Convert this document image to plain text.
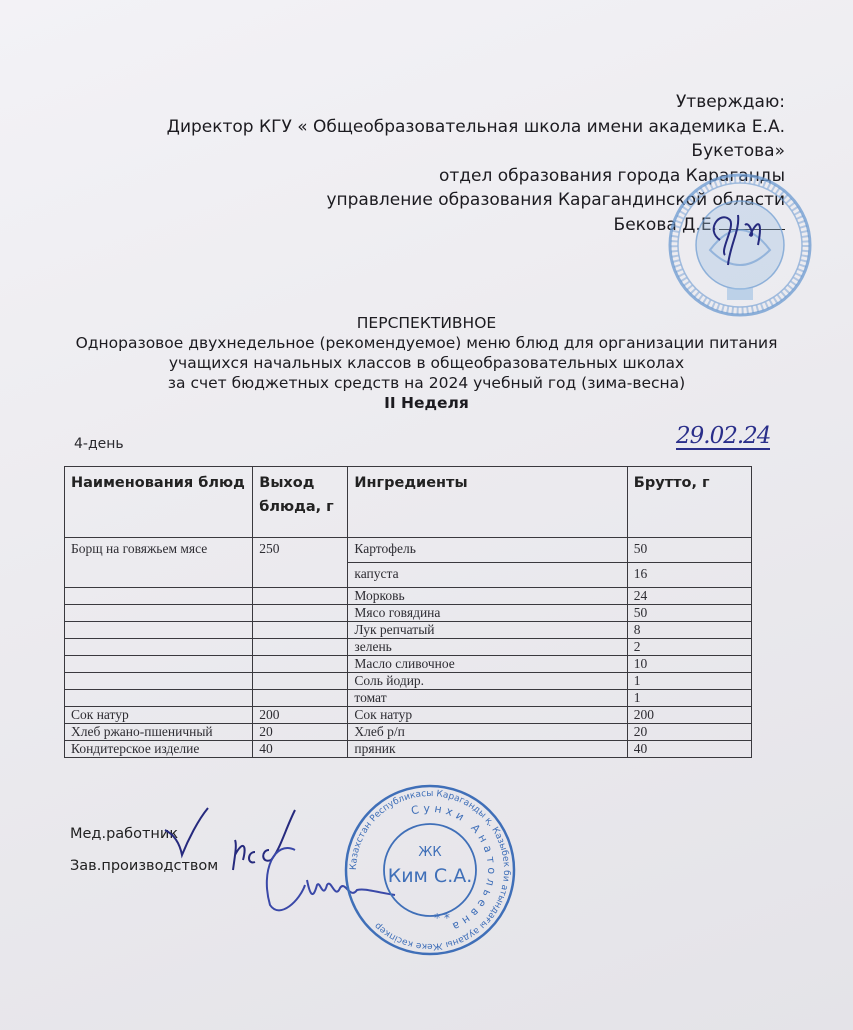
Утверждаю:
Директор КГУ « Общеобразовательная школа имени академика Е.А.
Букетова»
отдел образования города Караганды
управление образования Карагандинской области
Бекова Д.Е.
ПЕРСПЕКТИВНОЕ
Одноразовое двухнедельное (рекомендуемое) меню блюд для организации питания
учащихся начальных классов в общеобразовательных школах
за счет бюджетных средств на 2024 учебный год (зима-весна)
II Неделя
4-день	29.02.24
Наименования блюд	Выход блюда, г	Ингредиенты	Брутто, г
Борщ на говяжьем мясе	250	Картофель	50
		капуста	16
		Морковь	24
		Мясо говядина	50
		Лук репчатый	8
		зелень	2
		Масло сливочное	10
		Соль йодир.	1
		томат	1
Сок натур	200	Сок натур	200
Хлеб ржано-пшеничный	20	Хлеб р/п	20
Кондитерское изделие	40	пряник	40
Мед.работник
Зав.производством	Казахстан Республикасы Караганды қ. Казыбек би атындағы ауданы Жеке кәсіпкер
Сунхи Анатольевна
ЖК
Ким С.А.
* *
